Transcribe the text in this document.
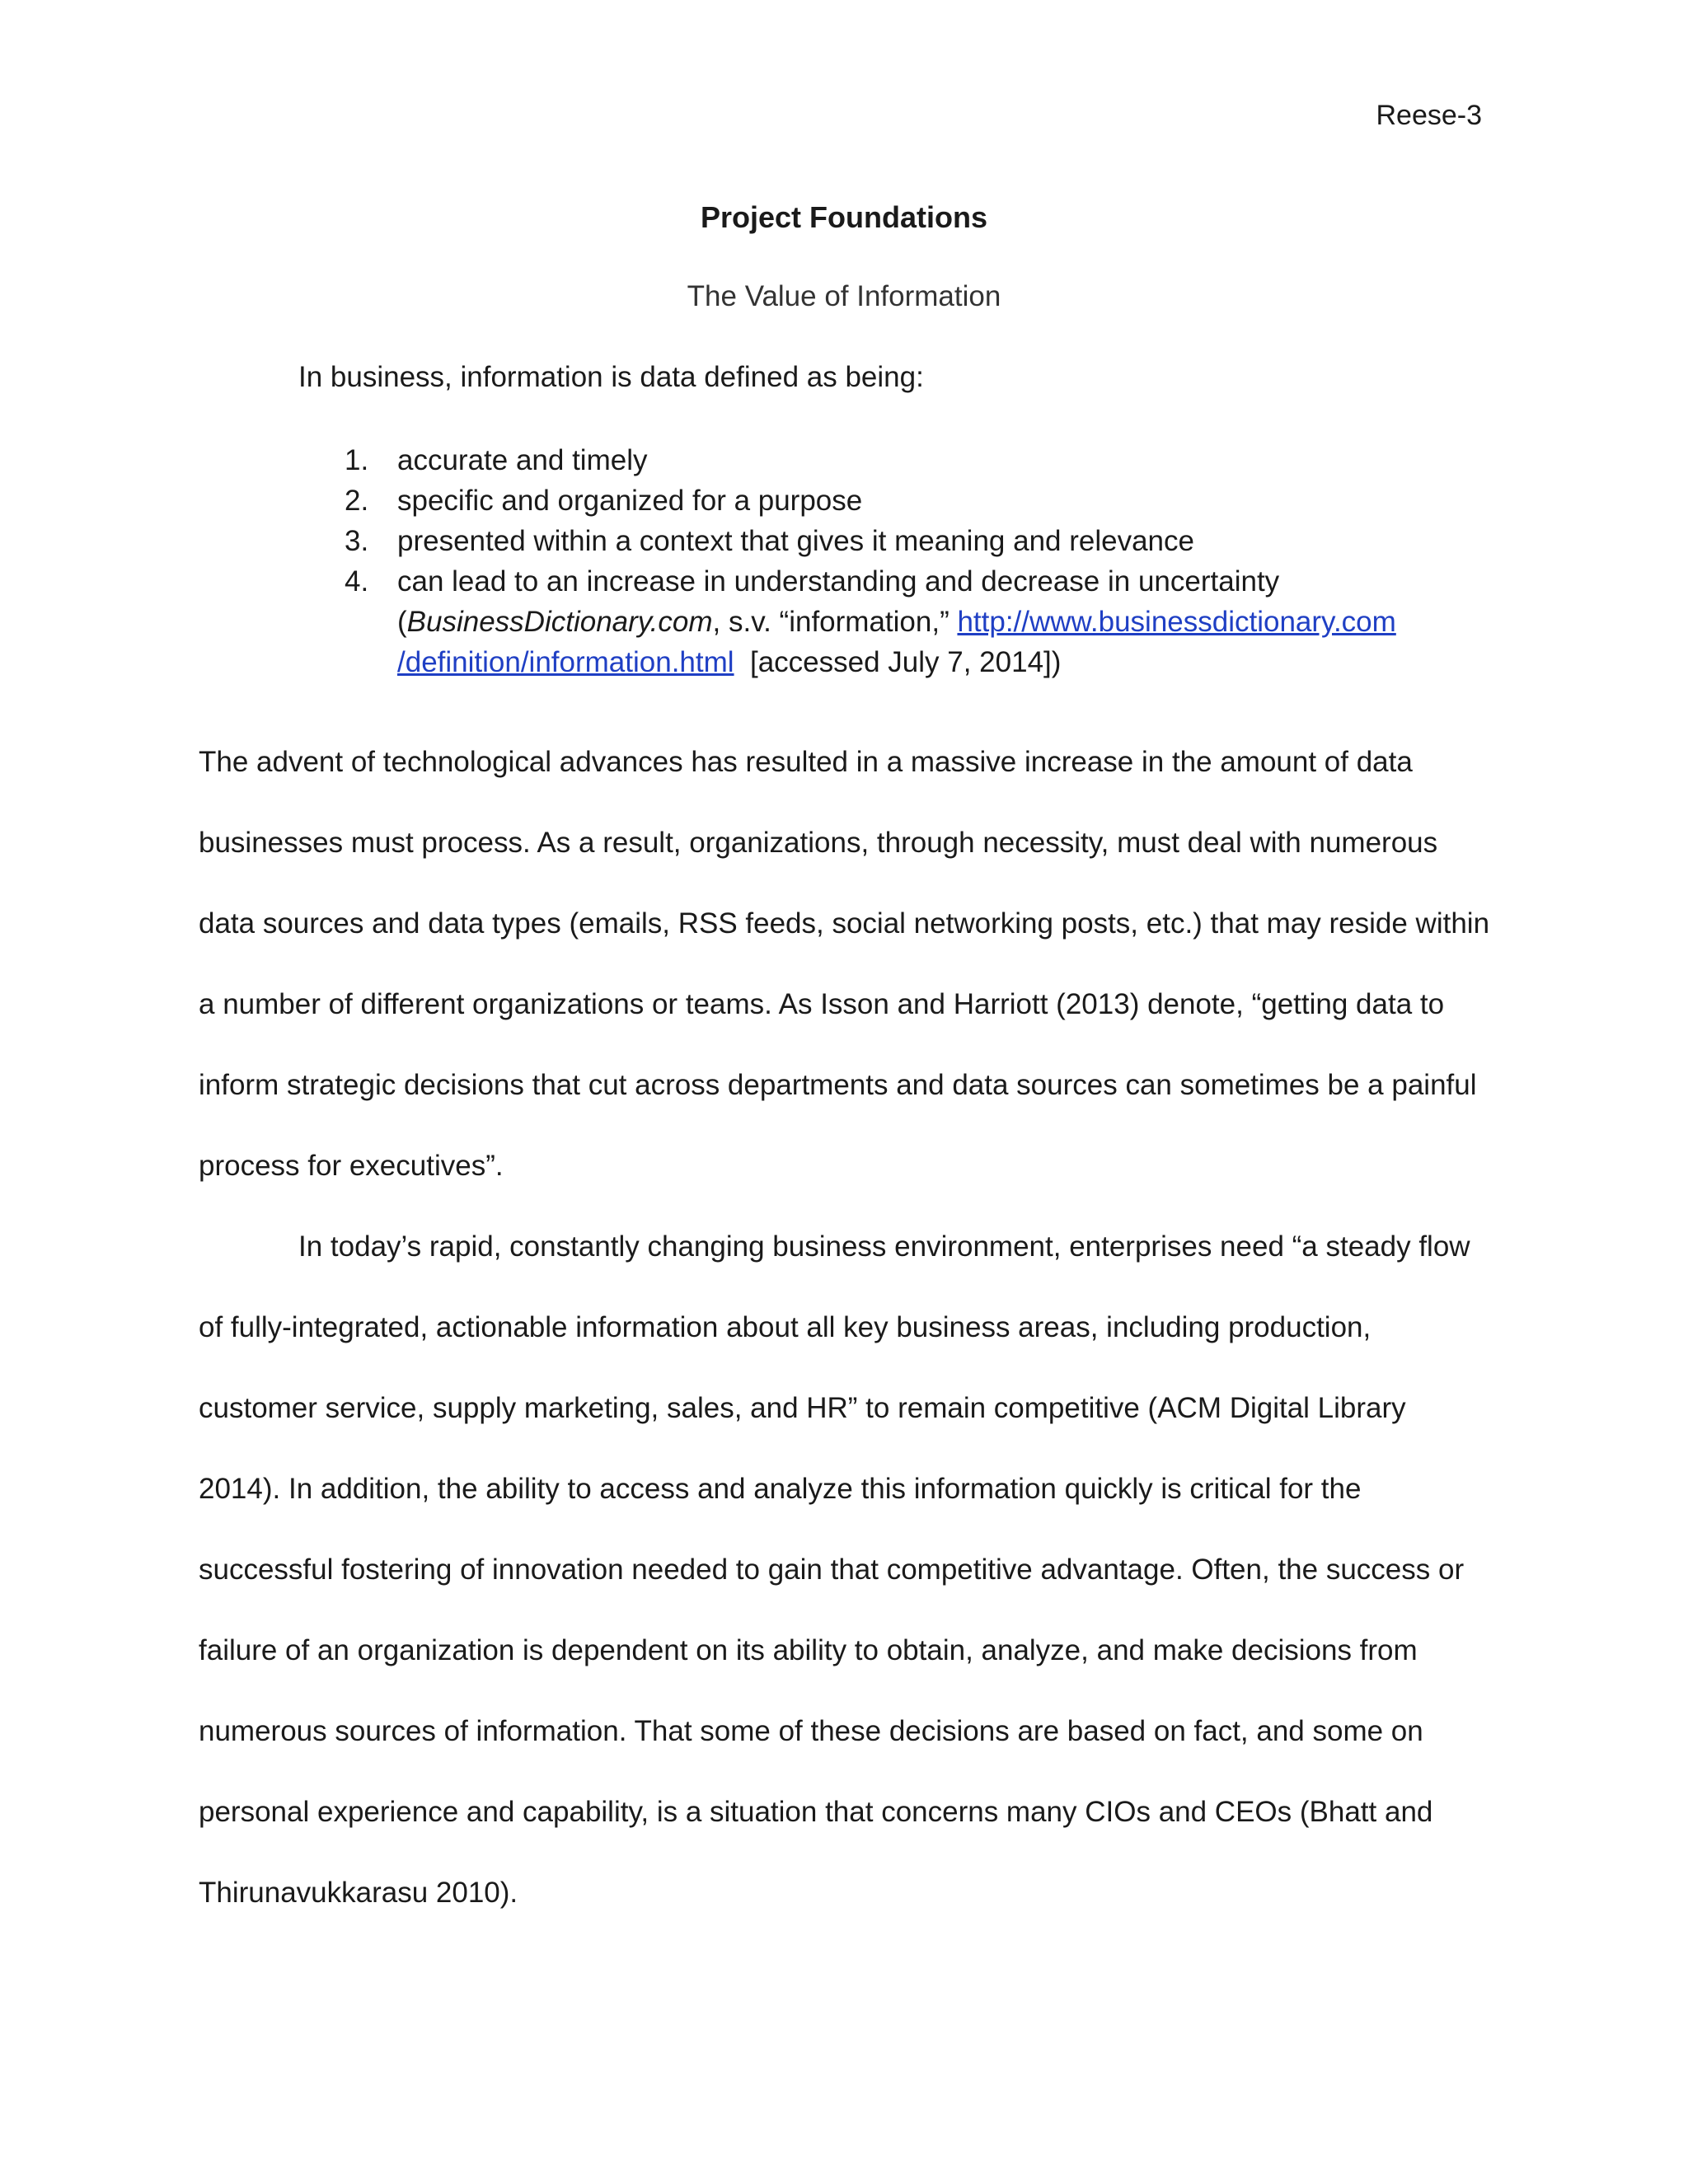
Reese-3
Project Foundations
The Value of Information
In business, information is data defined as being:
1. accurate and timely
2. specific and organized for a purpose
3. presented within a context that gives it meaning and relevance
4. can lead to an increase in understanding and decrease in uncertainty
(BusinessDictionary.com, s.v. “information,” http://www.businessdictionary.com
/definition/information.html  [accessed July 7, 2014])

The advent of technological advances has resulted in a massive increase in the amount of data businesses must process. As a result, organizations, through necessity, must deal with numerous data sources and data types (emails, RSS feeds, social networking posts, etc.) that may reside within a number of different organizations or teams. As Isson and Harriott (2013) denote, “getting data to inform strategic decisions that cut across departments and data sources can sometimes be a painful process for executives”.

In today’s rapid, constantly changing business environment, enterprises need “a steady flow of fully-integrated, actionable information about all key business areas, including production, customer service, supply marketing, sales, and HR” to remain competitive (ACM Digital Library 2014). In addition, the ability to access and analyze this information quickly is critical for the successful fostering of innovation needed to gain that competitive advantage. Often, the success or failure of an organization is dependent on its ability to obtain, analyze, and make decisions from numerous sources of information. That some of these decisions are based on fact, and some on personal experience and capability, is a situation that concerns many CIOs and CEOs (Bhatt and Thirunavukkarasu 2010).
